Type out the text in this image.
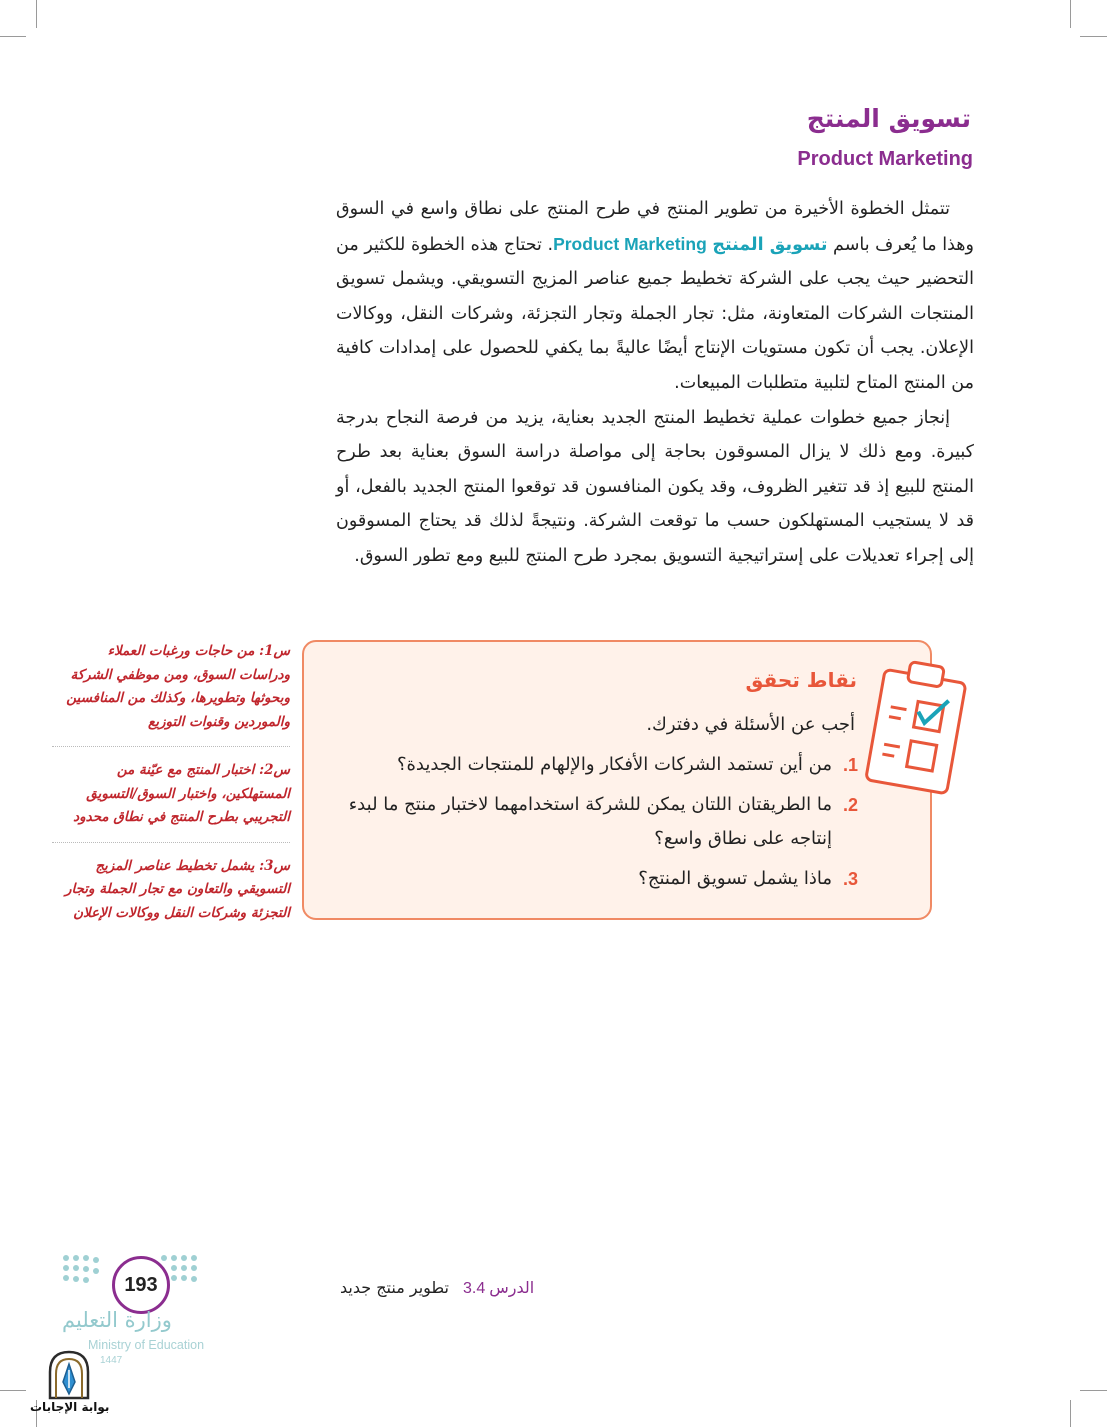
تسويق المنتج
Product Marketing

تتمثل الخطوة الأخيرة من تطوير المنتج في طرح المنتج على نطاق واسع في السوق وهذا ما يُعرف باسم تسويق المنتج Product Marketing. تحتاج هذه الخطوة للكثير من التحضير حيث يجب على الشركة تخطيط جميع عناصر المزيج التسويقي. ويشمل تسويق المنتجات الشركات المتعاونة، مثل: تجار الجملة وتجار التجزئة، وشركات النقل، ووكالات الإعلان. يجب أن تكون مستويات الإنتاج أيضًا عاليةً بما يكفي للحصول على إمدادات كافية من المنتج المتاح لتلبية متطلبات المبيعات.

إنجاز جميع خطوات عملية تخطيط المنتج الجديد بعناية، يزيد من فرصة النجاح بدرجة كبيرة. ومع ذلك لا يزال المسوقون بحاجة إلى مواصلة دراسة السوق بعناية بعد طرح المنتج للبيع إذ قد تتغير الظروف، وقد يكون المنافسون قد توقعوا المنتج الجديد بالفعل، أو قد لا يستجيب المستهلكون حسب ما توقعت الشركة. ونتيجةً لذلك قد يحتاج المسوقون إلى إجراء تعديلات على إستراتيجية التسويق بمجرد طرح المنتج للبيع ومع تطور السوق.

نقاط تحقق

أجب عن الأسئلة في دفترك.

1.
من أين تستمد الشركات الأفكار والإلهام للمنتجات الجديدة؟
2.
ما الطريقتان اللتان يمكن للشركة استخدامهما لاختبار منتج ما لبدء إنتاجه على نطاق واسع؟
3.
ماذا يشمل تسويق المنتج؟

س1: من حاجات ورغبات العملاء ودراسات السوق، ومن موظفي الشركة وبحوثها وتطويرها، وكذلك من المنافسين والموردين وقنوات التوزيع

س2: اختبار المنتج مع عيّنة من المستهلكين، واختبار السوق/التسويق التجريبي بطرح المنتج في نطاق محدود

س3: يشمل تخطيط عناصر المزيج التسويقي والتعاون مع تجار الجملة وتجار التجزئة وشركات النقل ووكالات الإعلان

الدرس3.4تطوير منتج جديد
193

وزارة التعليم

Ministry of Education

1447

بوابة الإجابات
